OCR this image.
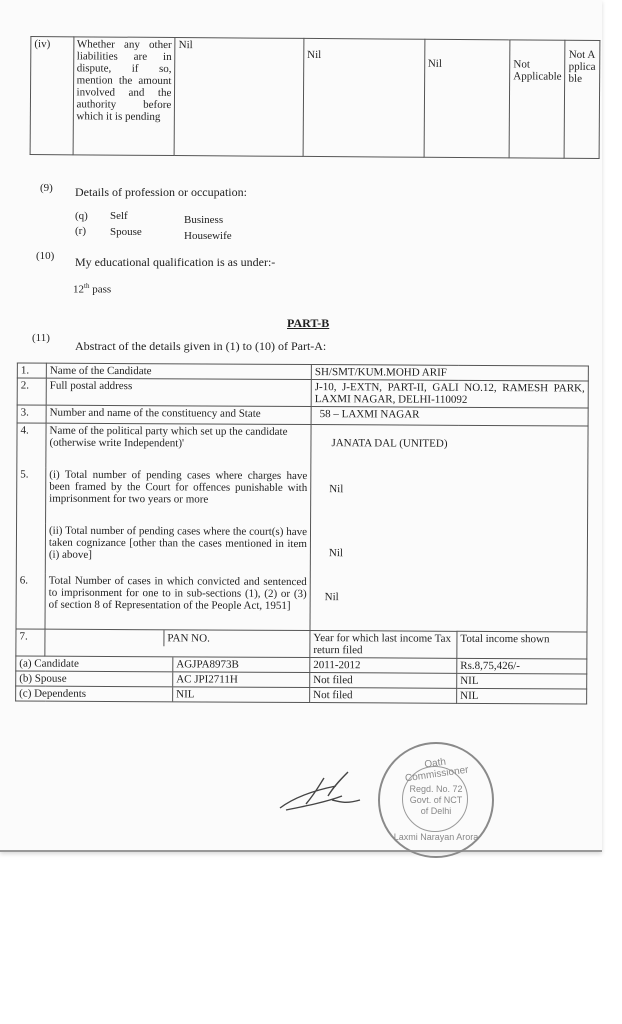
(iv)	Whether any other liabilities are in dispute, if so, mention the amount involved and the authority before which it is pending	Nil	Nil	Nil	Not Applicable	Not Applicable
(9) Details of profession or occupation:
(q) Self	Business
(r) Spouse	Housewife
(10) My educational qualification is as under:-
12th pass
PART-B
(11)
Abstract of the details given in (1) to (10) of Part-A:
1.	Name of the Candidate	SH/SMT/KUM.MOHD ARIF	
2.	Full postal address	J-10, J-EXTN, PART-II, GALI NO.12, RAMESH PARK, LAXMI NAGAR, DELHI-110092	
3.	Number and name of the constituency and State	58 – LAXMI NAGAR	
4.	Name of the political party which set up the candidate (otherwise write Independent)'	JANATA DAL (UNITED)	
5.	(i) Total number of pending cases where charges have been framed by the Court for offences punishable with imprisonment for two years or more	Nil	
	(ii) Total number of pending cases where the court(s) have taken cognizance [other than the cases mentioned in item (i) above]	Nil	
6.	Total Number of cases in which convicted and sentenced to imprisonment for one to in sub-sections (1), (2) or (3) of section 8 of Representation of the People Act, 1951]	Nil	
7.	PAN NO.	Year for which last income Tax return filed	Total income shown

(a) Candidate AGJPA8973B		2011-2012	Rs.8,75,426/-

(b) Spouse AC JPI2711H		Not filed	NIL

(c) Dependents NIL		Not filed	NIL
Oath Commissioner
Regd. No. 72
Govt. of NCT
of Delhi
Laxmi Narayan Arora
